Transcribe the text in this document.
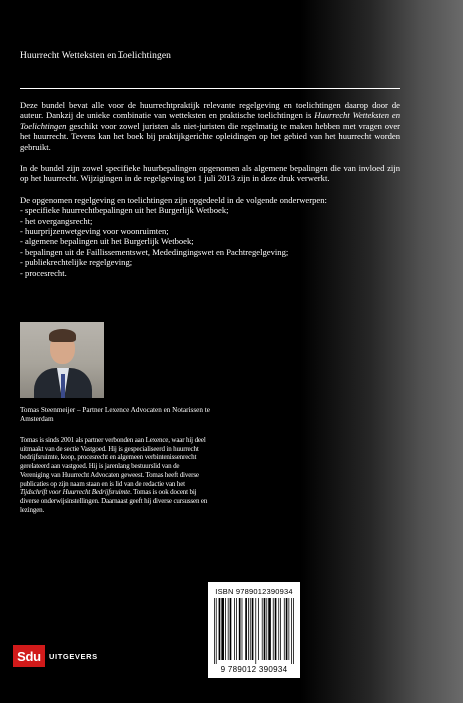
Huurrecht Wetteksten en Ꮖoelichtingen

Deze bundel bevat alle voor de huurrechtpraktijk relevante regelgeving en toelichtingen daarop door de auteur. Dankzij de unieke combinatie van wetteksten en praktische toelichtingen is Huurrecht Wetteksten en Toelichtingen geschikt voor zowel juristen als niet-juristen die regelmatig te maken hebben met vragen over het huurrecht. Tevens kan het boek bij praktijkgerichte opleidingen op het gebied van het huurrecht worden gebruikt.

In de bundel zijn zowel specifieke huurbepalingen opgenomen als algemene bepalingen die van invloed zijn op het huurrecht. Wijzigingen in de regelgeving tot 1 juli 2013 zijn in deze druk verwerkt.

De opgenomen regelgeving en toelichtingen zijn opgedeeld in de volgende onderwerpen:

- specifieke huurrechtbepalingen uit het Burgerlijk Wetboek;
- het overgangsrecht;
- huurprijzenwetgeving voor woonruimten;
- algemene bepalingen uit het Burgerlijk Wetboek;
- bepalingen uit de Faillissementswet, Mededingingswet en Pachtregelgeving;
- publiekrechtelijke regelgeving;
- procesrecht.
Tomas Steenmeijer – Partner Lexence Advocaten en Notarissen te Amsterdam
Tomas is sinds 2001 als partner verbonden aan Lexence, waar hij deel uitmaakt van de sectie Vastgoed. Hij is gespecialiseerd in huurrecht bedrijfsruimte, koop, procesrecht en algemeen verbintenissenrecht gerelateerd aan vastgoed. Hij is jarenlang bestuurslid van de Vereniging van Huurrecht Advocaten geweest. Tomas heeft diverse publicaties op zijn naam staan en is lid van de redactie van het Tijdschrift voor Huurrecht Bedrijfsruimte. Tomas is ook docent bij diverse onderwijsinstellingen. Daarnaast geeft hij diverse cursussen en lezingen.
ISBN 9789012390934
9 789012 390934
Sdu	UITGEVERS
